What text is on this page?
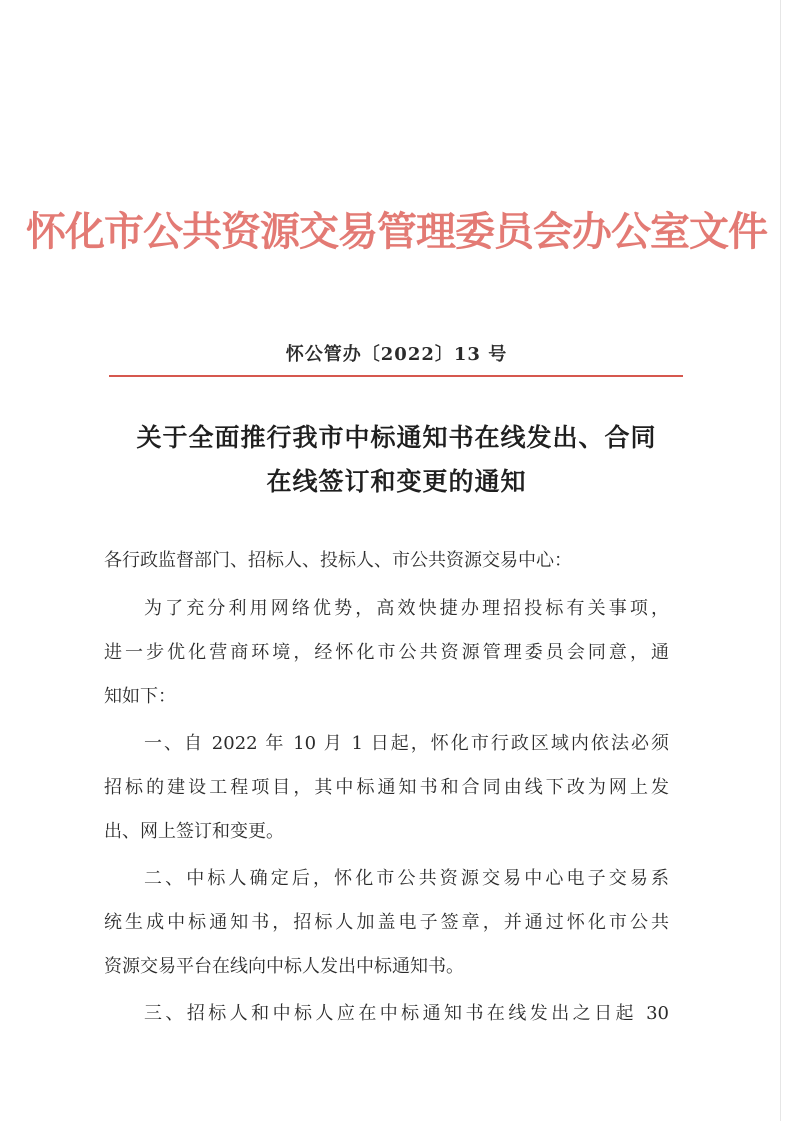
怀化市公共资源交易管理委员会办公室文件
怀公管办〔2022〕13 号
关于全面推行我市中标通知书在线发出、合同
在线签订和变更的通知
各行政监督部门、招标人、投标人、市公共资源交易中心：
为了充分利用网络优势，高效快捷办理招投标有关事项，
进一步优化营商环境，经怀化市公共资源管理委员会同意，通
知如下：
一、自 2022 年 10 月 1 日起，怀化市行政区域内依法必须
招标的建设工程项目，其中标通知书和合同由线下改为网上发
出、网上签订和变更。
二、中标人确定后，怀化市公共资源交易中心电子交易系
统生成中标通知书，招标人加盖电子签章，并通过怀化市公共
资源交易平台在线向中标人发出中标通知书。
三、招标人和中标人应在中标通知书在线发出之日起 30
